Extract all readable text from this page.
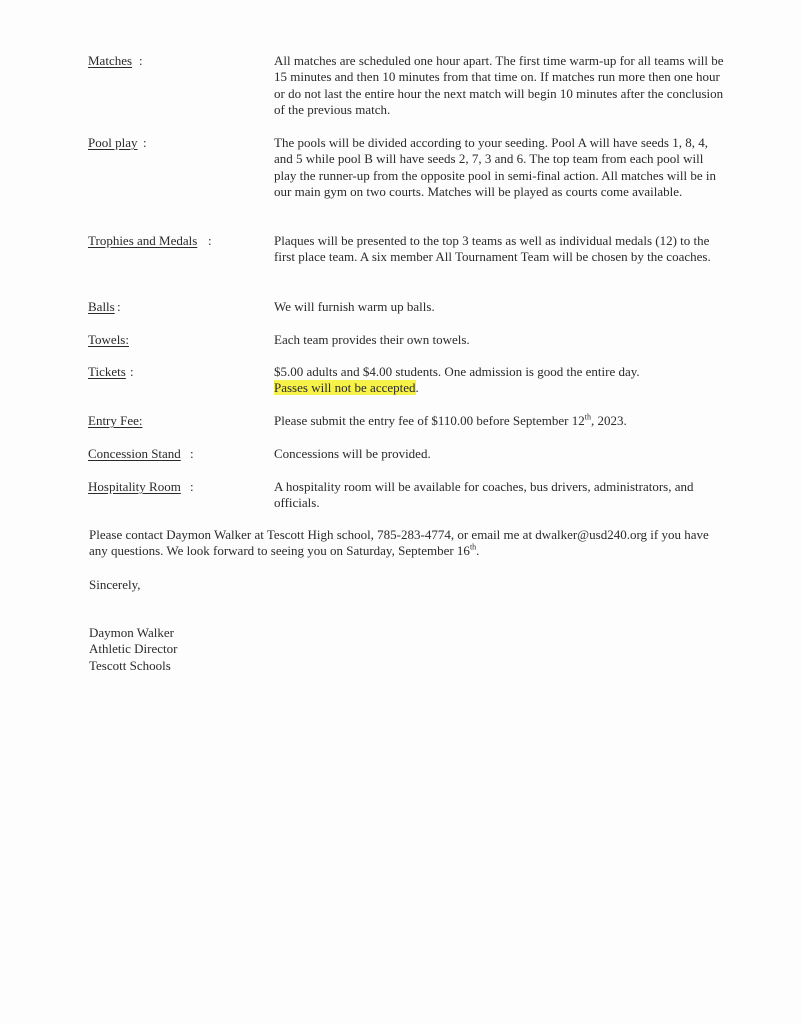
Matches :	All matches are scheduled one hour apart. The first time warm-up for all teams will be 15 minutes and then 10 minutes from that time on. If matches run more then one hour or do not last the entire hour the next match will begin 10 minutes after the conclusion of the previous match.
Pool play :	The pools will be divided according to your seeding. Pool A will have seeds 1, 8, 4, and 5 while pool B will have seeds 2, 7, 3 and 6. The top team from each pool will play the runner-up from the opposite pool in semi-final action. All matches will be in our main gym on two courts. Matches will be played as courts come available.
Trophies and Medals :	Plaques will be presented to the top 3 teams as well as individual medals (12) to the first place team. A six member All Tournament Team will be chosen by the coaches.
Balls :	We will furnish warm up balls.
Towels:	Each team provides their own towels.
Tickets :	$5.00 adults and $4.00 students. One admission is good the entire day.
Passes will not be accepted.
Entry Fee:	Please submit the entry fee of $110.00 before September 12th, 2023.
Concession Stand :	Concessions will be provided.
Hospitality Room :	A hospitality room will be available for coaches, bus drivers, administrators, and officials.
Please contact Daymon Walker at Tescott High school, 785-283-4774, or email me at dwalker@usd240.org if you have any questions. We look forward to seeing you on Saturday, September 16th.
Sincerely,
Daymon Walker
Athletic Director
Tescott Schools
